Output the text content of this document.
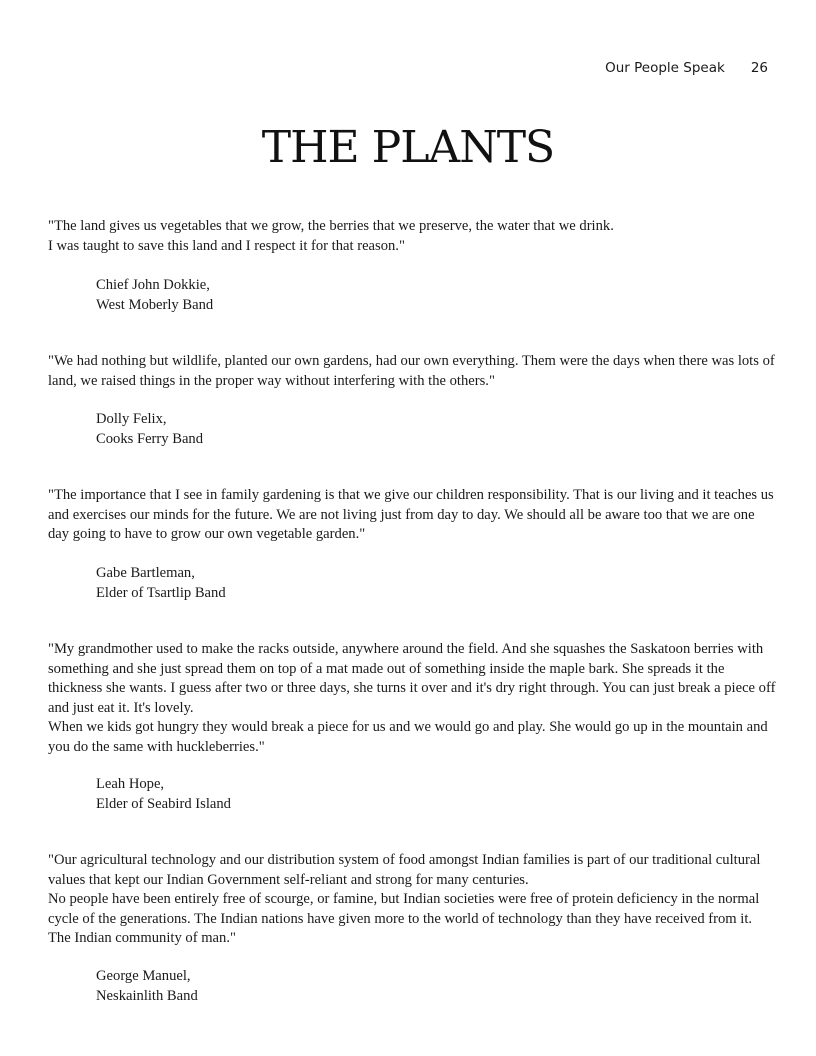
Our People Speak 26
THE PLANTS

"The land gives us vegetables that we grow, the berries that we preserve, the water that we drink.

I was taught to save this land and I respect it for that reason."

Chief John Dokkie,
West Moberly Band

"We had nothing but wildlife, planted our own gardens, had our own everything. Them were the days when there was lots of land, we raised things in the proper way without interfering with the others."

Dolly Felix,
Cooks Ferry Band

"The importance that I see in family gardening is that we give our children responsibility. That is our living and it teaches us and exercises our minds for the future. We are not living just from day to day. We should all be aware too that we are one day going to have to grow our own vegetable garden."

Gabe Bartleman,
Elder of Tsartlip Band

"My grandmother used to make the racks outside, anywhere around the field. And she squashes the Saskatoon berries with something and she just spread them on top of a mat made out of something inside the maple bark. She spreads it the thickness she wants. I guess after two or three days, she turns it over and it's dry right through. You can just break a piece off and just eat it. It's lovely.

When we kids got hungry they would break a piece for us and we would go and play. She would go up in the mountain and you do the same with huckleberries."

Leah Hope,
Elder of Seabird Island

"Our agricultural technology and our distribution system of food amongst Indian families is part of our traditional cultural values that kept our Indian Government self-reliant and strong for many centuries.

No people have been entirely free of scourge, or famine, but Indian societies were free of protein deficiency in the normal cycle of the generations. The Indian nations have given more to the world of technology than they have received from it. The Indian community of man."

George Manuel,
Neskainlith Band
